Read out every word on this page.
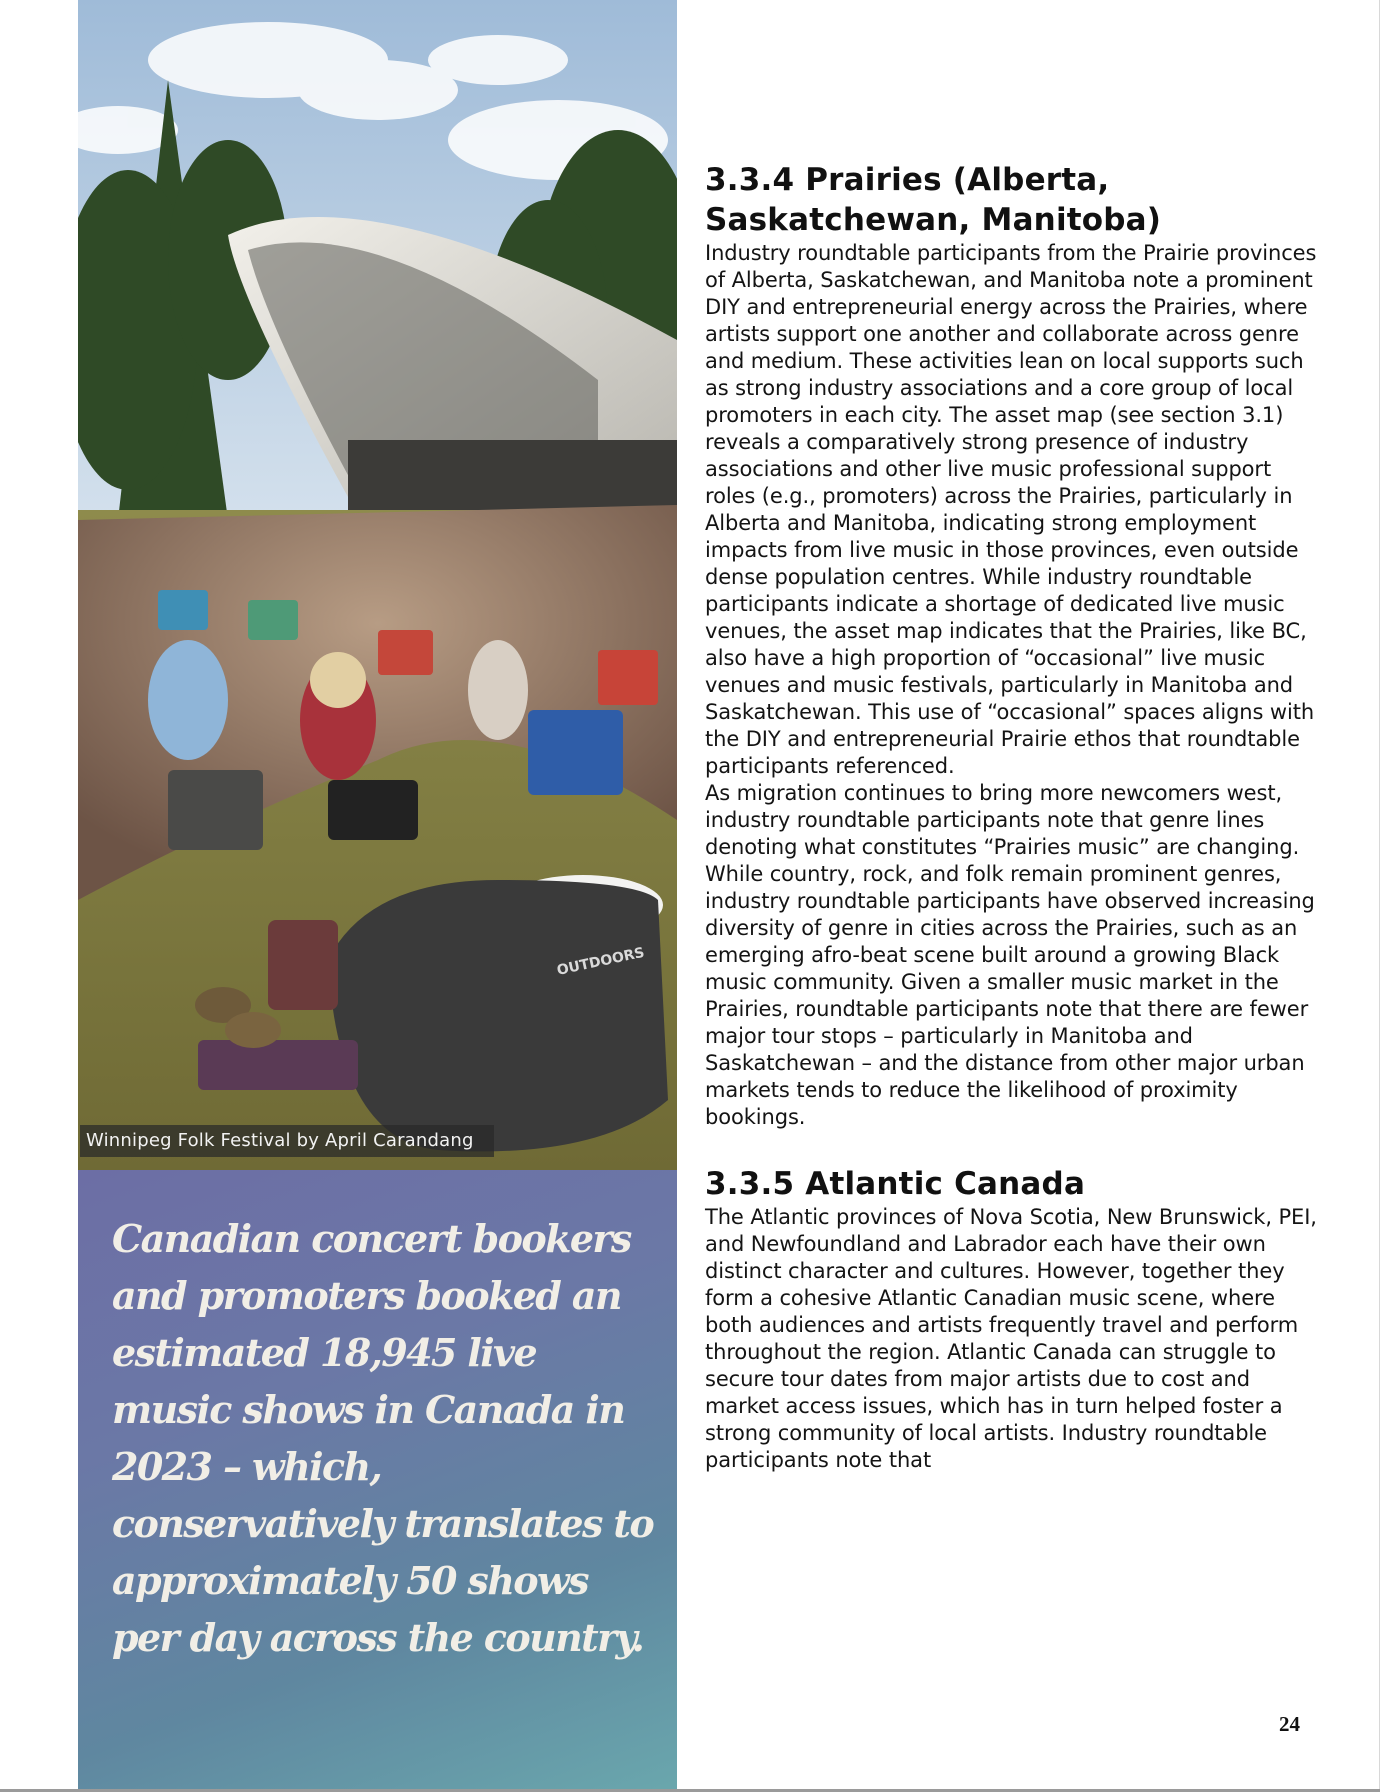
OUTDOORS
Winnipeg Folk Festival by April Carandang
Canadian concert bookers and promoters booked an estimated 18,945 live music shows in Canada in 2023 – which, conservatively translates to approximately 50 shows per day across the country.
3.3.4 Prairies (Alberta, Saskatchewan, Manitoba)

Industry roundtable participants from the Prairie provinces of Alberta, Saskatchewan, and Manitoba note a prominent DIY and entrepreneurial energy across the Prairies, where artists support one another and collaborate across genre and medium. These activities lean on local supports such as strong industry associations and a core group of local promoters in each city. The asset map (see section 3.1) reveals a comparatively strong presence of industry associations and other live music professional support roles (e.g., promoters) across the Prairies, particularly in Alberta and Manitoba, indicating strong employment impacts from live music in those provinces, even outside dense population centres. While industry roundtable participants indicate a shortage of dedicated live music venues, the asset map indicates that the Prairies, like BC, also have a high proportion of “occasional” live music venues and music festivals, particularly in Manitoba and Saskatchewan. This use of “occasional” spaces aligns with the DIY and entrepreneurial Prairie ethos that roundtable participants referenced.

As migration continues to bring more newcomers west, industry roundtable participants note that genre lines denoting what constitutes “Prairies music” are changing. While country, rock, and folk remain prominent genres, industry roundtable participants have observed increasing diversity of genre in cities across the Prairies, such as an emerging afro-beat scene built around a growing Black music community. Given a smaller music market in the Prairies, roundtable participants note that there are fewer major tour stops – particularly in Manitoba and Saskatchewan – and the distance from other major urban markets tends to reduce the likelihood of proximity bookings.

3.3.5 Atlantic Canada

The Atlantic provinces of Nova Scotia, New Brunswick, PEI, and Newfoundland and Labrador each have their own distinct character and cultures. However, together they form a cohesive Atlantic Canadian music scene, where both audiences and artists frequently travel and perform throughout the region. Atlantic Canada can struggle to secure tour dates from major artists due to cost and market access issues, which has in turn helped foster a strong community of local artists. Industry roundtable participants note that

24
